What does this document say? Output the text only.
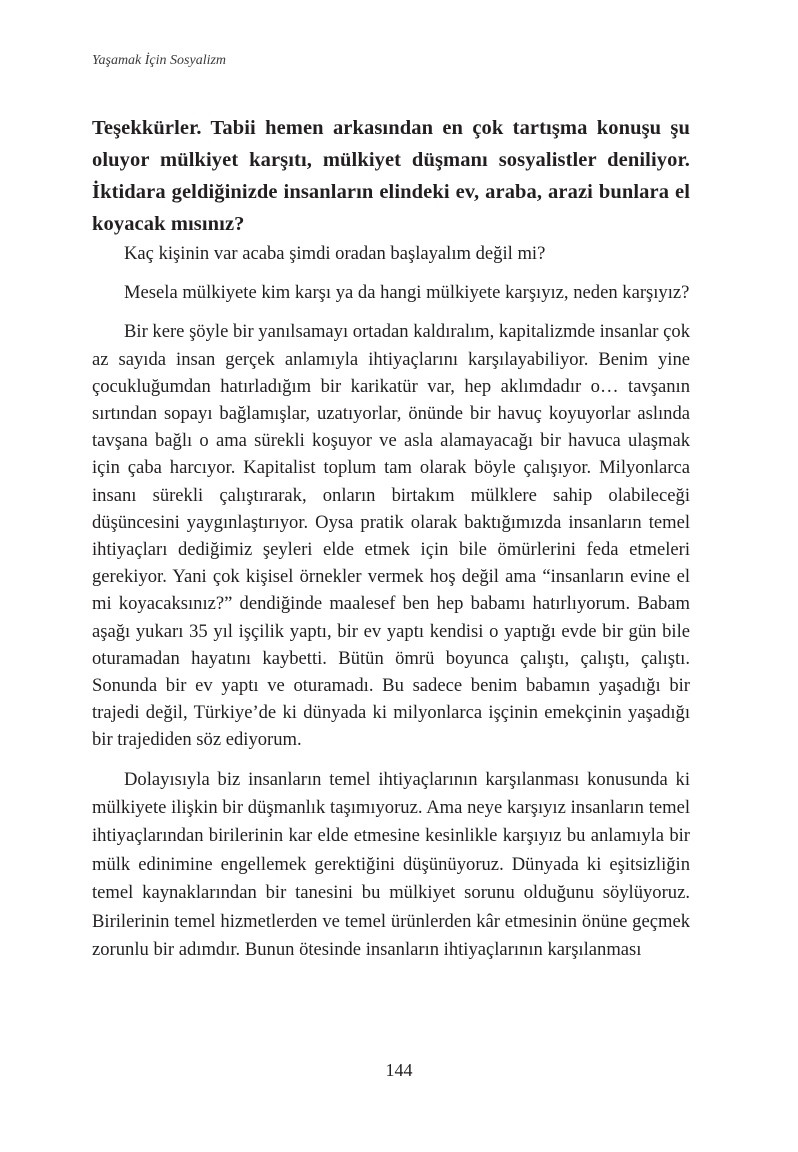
Yaşamak İçin Sosyalizm

Teşekkürler. Tabii hemen arkasından en çok tartışma konuşu şu oluyor mülkiyet karşıtı, mülkiyet düşmanı sosyalistler deniliyor. İktidara geldiğinizde insanların elindeki ev, araba, arazi bunlara el koyacak mısınız?

Kaç kişinin var acaba şimdi oradan başlayalım değil mi?

Mesela mülkiyete kim karşı ya da hangi mülkiyete karşıyız, neden karşıyız?

Bir kere şöyle bir yanılsamayı ortadan kaldıralım, kapitalizmde insanlar çok az sayıda insan gerçek anlamıyla ihtiyaçlarını karşılayabiliyor. Benim yine çocukluğumdan hatırladığım bir karikatür var, hep aklımdadır o… tavşanın sırtından sopayı bağlamışlar, uzatıyorlar, önünde bir havuç koyuyorlar aslında tavşana bağlı o ama sürekli koşuyor ve asla alamayacağı bir havuca ulaşmak için çaba harcıyor. Kapitalist toplum tam olarak böyle çalışıyor. Milyonlarca insanı sürekli çalıştırarak, onların birtakım mülklere sahip olabileceği düşüncesini yaygınlaştırıyor. Oysa pratik olarak baktığımızda insanların temel ihtiyaçları dediğimiz şeyleri elde etmek için bile ömürlerini feda etmeleri gerekiyor. Yani çok kişisel örnekler vermek hoş değil ama “insanların evine el mi koyacaksınız?” dendiğinde maalesef ben hep babamı hatırlıyorum. Babam aşağı yukarı 35 yıl işçilik yaptı, bir ev yaptı kendisi o yaptığı evde bir gün bile oturamadan hayatını kaybetti. Bütün ömrü boyunca çalıştı, çalıştı, çalıştı. Sonunda bir ev yaptı ve oturamadı. Bu sadece benim babamın yaşadığı bir trajedi değil, Türkiye’de ki dünyada ki milyonlarca işçinin emekçinin yaşadığı bir trajediden söz ediyorum.

Dolayısıyla biz insanların temel ihtiyaçlarının karşılanması konusunda ki mülkiyete ilişkin bir düşmanlık taşımıyoruz. Ama neye karşıyız insanların temel ihtiyaçlarından birilerinin kar elde etmesine kesinlikle karşıyız bu anlamıyla bir mülk edinimine engellemek gerektiğini düşünüyoruz. Dünyada ki eşitsizliğin temel kaynaklarından bir tanesini bu mülkiyet sorunu olduğunu söylüyoruz. Birilerinin temel hizmetlerden ve temel ürünlerden kâr etmesinin önüne geçmek zorunlu bir adımdır. Bunun ötesinde insanların ihtiyaçlarının karşılanması

144
